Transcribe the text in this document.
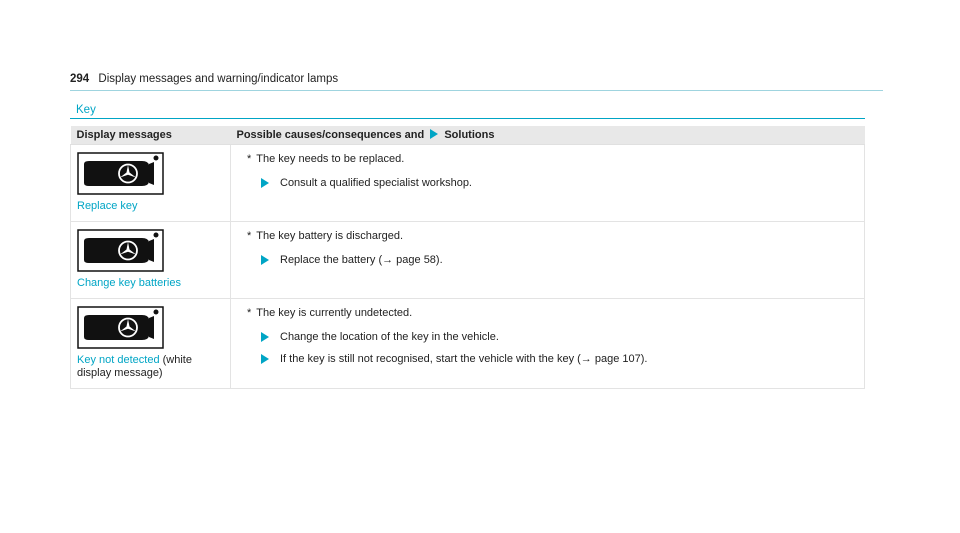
294 Display messages and warning/indicator lamps
Key
Display messages	Possible causes/consequences and Solutions

Replace key	* The key needs to be replaced.
Consult a qualified specialist workshop.

Change key batteries	* The key battery is discharged.
Replace the battery (→ page 58).

Key not detected (white display message)	* The key is currently undetected.
Change the location of the key in the vehicle.
If the key is still not recognised, start the vehicle with the key (→ page 107).
